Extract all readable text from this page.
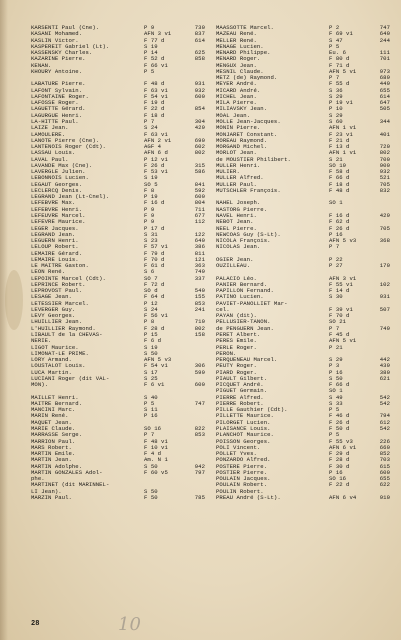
KARSENTI Paul (Cne).	P 9	730
KASANI Mohamed.	AFN 3 v1	837
KASLIN Victor.	F 77 d	614
KASPEREIT Gabriel (Lt).	S 19
KASSENSKY Charles.	P 14	625
KAZARINE Pierre.	F 52 d	858
KENAN.	F 66 v1
KHOURY Antoine.	P 5
LABATURE Pierre.	F 48 d	931
LAFONT Sylvain.	F 63 v1	932
LAFONTAINE Roger.	F 54 v1	600
LAFOSSE Roger.	F 19 d
LAGUETTE Gérard.	F 22 d	854
LAGURGUE Henri.	F 18 d
LA-HITTE Paul.	P 7	304
LAIZE Jean.	S 24	429
LAMOULERE.	F 63 v1
LANOTE Pierre (Cne).	AFN 2 v1	690
LANTENOIS Roger (Cdt).	AGF 4	602
LASSAU Louis.	AFN 6 d	802
LAVAL Paul.	P 12 v1
LAVANDE Max (Cne).	F 26 d	315
LAVERGLE Julien.	F 53 v1	586
LEBONNOIS Lucien.	S 19
LEGAUT Georges.	SO 5	841
LECLERCQ Denis.	F 8	592
LEGRAND Jean (Lt-Cnel).	P 19	600
LEFEBVRE Max.	F 16 d	804
LEFEBVRE Henri.	P 9	711
LEFEUVRE Marcel.	F 9	677
LEFEVRE Maurice.	P 9	112
LEGER Jacques.	P 17 d
LEGRAND Jean.	S 31	122
LEGUERN Henri.	S 23	640
LELOUP Robert.	F 57 v1	386
LEMAIRE Gérard.	F 79 d	811
LEMAIRE Louis.	F 70 d	121
LE MAITRE Gaston.	F 61 d	363
LEON René.	S 6	749
LEPOINTE Marcel (Cdt).	SO 7	337
LEPRINCE Robert.	F 72 d
LEPROVOST Paul.	SO d	540
LESAGE Jean.	F 64 d	155
LETESSIER Marcel.	P 12	853
LEVERGER Guy.	S 24	241
LEVY Georges.	F 56 v1
LHUILLIER Jean.	P 8	710
L'HUILLIER Raymond.	F 28 d	802
LIBAULT de la CHEVAS-	P 15	158
NERIE.	F 6 d
LIGOT Maurice.	S 19
LIMONAT-LE PRIME.	S 50
LORY Armand.	AFN 5 v3
LOUSTALOT Louis.	F 54 v1	306
LUCA Martin.	S 17	599
LUCIANI Roger (dit VAL-	S 25
MON).	F 6 v1	600
MAILLET Henri.	S 40
MAITRE Bernard.	P 5	747
MANCINI Marc.	S 11
MARIN René.	P 16
MAQUET Jean.
MARIE Claude.	SO 16	822
MARRASSE Serge.	P 7	853
MARRION Paul.	F 48 v1
MARS Robert.	F 10 v1
MARTIN Emile.	F 4 d
MARTIN Jean.	Am. N 1
MARTIN Adolphe.	S 50	942
MARTIN GONZALES Adol-	F 60 v5	797
phe.
MARTINET (dit MARINNEL-
LI Jean).	S 50
MARZIN Paul.	F 50	785
MAASSOTTE Marcel.	P 2	747
MAZEAU René.	F 69 v1	640
MELLER René.	S 47	244
MENAGE Lucien.	P 5
MENARD Philippe.	Eu. 6	111
MENARD Roger.	F 80 d	701
MENGUX Jean.	F 71 d
MESNIL Claude.	AFN 5 v1	973
METZ (de) Raymond.	P 7	689
MEYER André.	F 55 d	449
MICARD André.	S 36	655
MICHEL Jean.	S 29	614
MILA Pierre.	P 19 v1	647
MILIAVSKY Jean.	P 10	505
MOAL Jean.	S 29
MOLLE Jean-Jacques.	S 60	344
MONIN Pierre.	AFN 1 v1
MONJARET Constant.	F 23 v1	401
MOREAU Raymond.	F 21 d
MORGAND Michel.	F 13 d	720
MORLOT Jean.	AFN 1 v1	802
de MOUSTIER Philibert.	S 21	700
MULLER Henri.	SO 19	900
MULIER.	F 58 d	932
MULLER Alfred.	F 66 d	521
MULLER Paul.	F 18 d	705
MUTSCHLER François.	F 48 d	832
NAHEL Joseph.	SO 1
NASTORG Pierre.
NAVEL Henri.	F 16 d	429
NEBOT Jean.	F 62 d
NEEL Pierre.	F 26 d	705
NEWCOAS Guy (S-Lt).	P 16
NICOLA François.	AFN 5 v3	368
NICOLAS Jean.	P 7
OGIER Jean.	P 22
OUZILLEAU.	P 27	170
PALACIO Léo.	AFN 3 v1
PANIER Bernard.	F 55 v1	102
PAPILLON Fernand.	F 14 d
PATINO Lucien.	S 30	931
PAVIET-PANOLLIET Mar-
cel.	F 39 v1	507
PAYAN (dit).	F 70 d
PELLUSIER-TANON.	SO 21
de PENGUERN Jean.	P 7	749
PERET Albert.	F 45 d
PERES Emile.	AFN 5 v1
PERLE Roger.	P 21
PERON.
PERQUENEAU Marcel.	S 29	442
PEUTY Roger.	P 3	439
PIARD Roger.	P 16	380
PIAULT Gilbert.	S 50	621
PICQUET André.	F 66 d
PIGUET Germain.	SO 1
PIERRE Alfred.	S 49	542
PIERRE Robert.	S 33	542
PILLE Gauthier (Cdt).	P 5
PILLETTE Maurice.	F 46 d	794
PILORGET Lucien.	F 26 d	612
PLAISANCE Louis.	F 50 d	542
PLANCHOT Maurice.	P 5
POISSON Georges.	F 55 v3	226
POLI Vincent.	AFN 6 v1	660
POLLET Yves.	F 29 d	852
PONZARDO Alfred.	F 28 d	703
POSTERE Pierre.	F 30 d	615
POSTIER Pierre.	P 16	600
POULAIN Jacques.	SO 16	655
POULAIN Robert.	F 22 d	622
POULIN Robert.
PREAU André (S-Lt).	AFN 6 v4	910
28	10
